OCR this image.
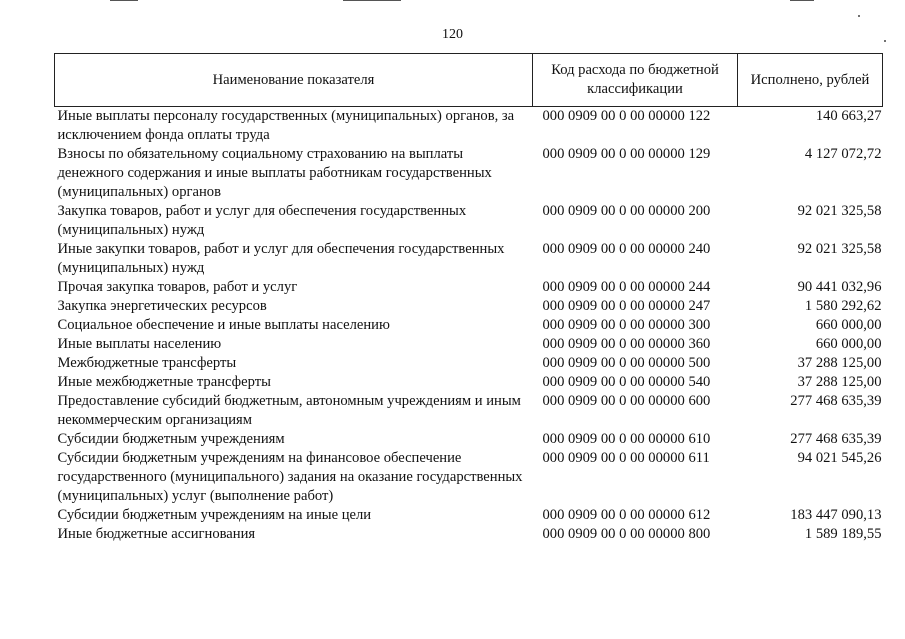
120
Наименование показателя	Код расхода по бюджетной классификации	Исполнено, рублей
Иные выплаты персоналу государственных (муниципальных) органов, за исключением фонда оплаты труда	000 0909 00 0 00 00000 122	140 663,27
Взносы по обязательному социальному страхованию на выплаты денежного содержания и иные выплаты работникам государственных (муниципальных) органов	000 0909 00 0 00 00000 129	4 127 072,72
Закупка товаров, работ и услуг для обеспечения государственных (муниципальных) нужд	000 0909 00 0 00 00000 200	92 021 325,58
Иные закупки товаров, работ и услуг для обеспечения государственных (муниципальных) нужд	000 0909 00 0 00 00000 240	92 021 325,58
Прочая закупка товаров, работ и услуг	000 0909 00 0 00 00000 244	90 441 032,96
Закупка энергетических ресурсов	000 0909 00 0 00 00000 247	1 580 292,62
Социальное обеспечение и иные выплаты населению	000 0909 00 0 00 00000 300	660 000,00
Иные выплаты населению	000 0909 00 0 00 00000 360	660 000,00
Межбюджетные трансферты	000 0909 00 0 00 00000 500	37 288 125,00
Иные межбюджетные трансферты	000 0909 00 0 00 00000 540	37 288 125,00
Предоставление субсидий бюджетным, автономным учреждениям и иным некоммерческим организациям	000 0909 00 0 00 00000 600	277 468 635,39
Субсидии бюджетным учреждениям	000 0909 00 0 00 00000 610	277 468 635,39
Субсидии бюджетным учреждениям на финансовое обеспечение государственного (муниципального) задания на оказание государственных (муниципальных) услуг (выполнение работ)	000 0909 00 0 00 00000 611	94 021 545,26
Субсидии бюджетным учреждениям на иные цели	000 0909 00 0 00 00000 612	183 447 090,13
Иные бюджетные ассигнования	000 0909 00 0 00 00000 800	1 589 189,55
